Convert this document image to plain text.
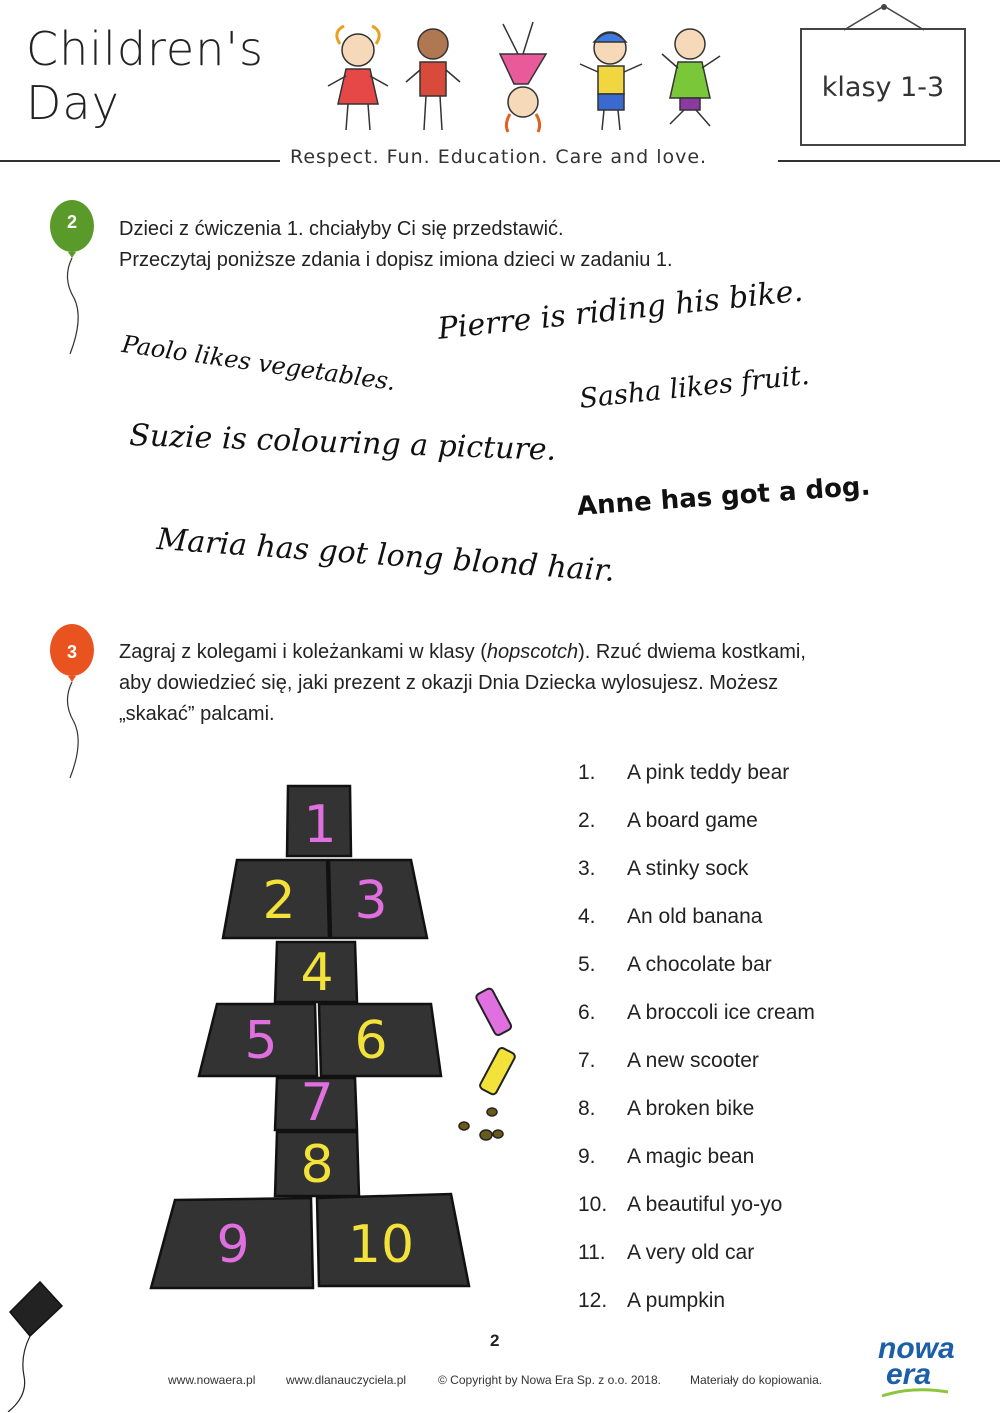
Children's
Day	klasy 1-3
Respect. Fun. Education. Care and love.
2	Dzieci z ćwiczenia 1. chciałyby Ci się przedstawić.
Przeczytaj poniższe zdania i dopisz imiona dzieci w zadaniu 1.
Paolo likes vegetables.
Pierre is riding his bike.
Sasha likes fruit.
Suzie is colouring a picture.
Anne has got a dog.
Maria has got long blond hair.
3	Zagraj z kolegami i koleżankami w klasy (hopscotch). Rzuć dwiema kostkami, aby dowiedzieć się, jaki prezent z okazji Dnia Dziecka wylosujesz. Możesz „skakać” palcami.
1
2 3
4
5 6
7
8
9 10
1.	A pink teddy bear
2.	A board game
3.	A stinky sock
4.	An old banana
5.	A chocolate bar
6.	A broccoli ice cream
7.	A new scooter
8.	A broken bike
9.	A magic bean
10. A beautiful yo-yo
11.	A very old car
12. A pumpkin
2
www.nowaera.pl	www.dlanauczyciela.pl	© Copyright by Nowa Era Sp. z o.o. 2018. Materiały do kopiowania.
nowa
era
